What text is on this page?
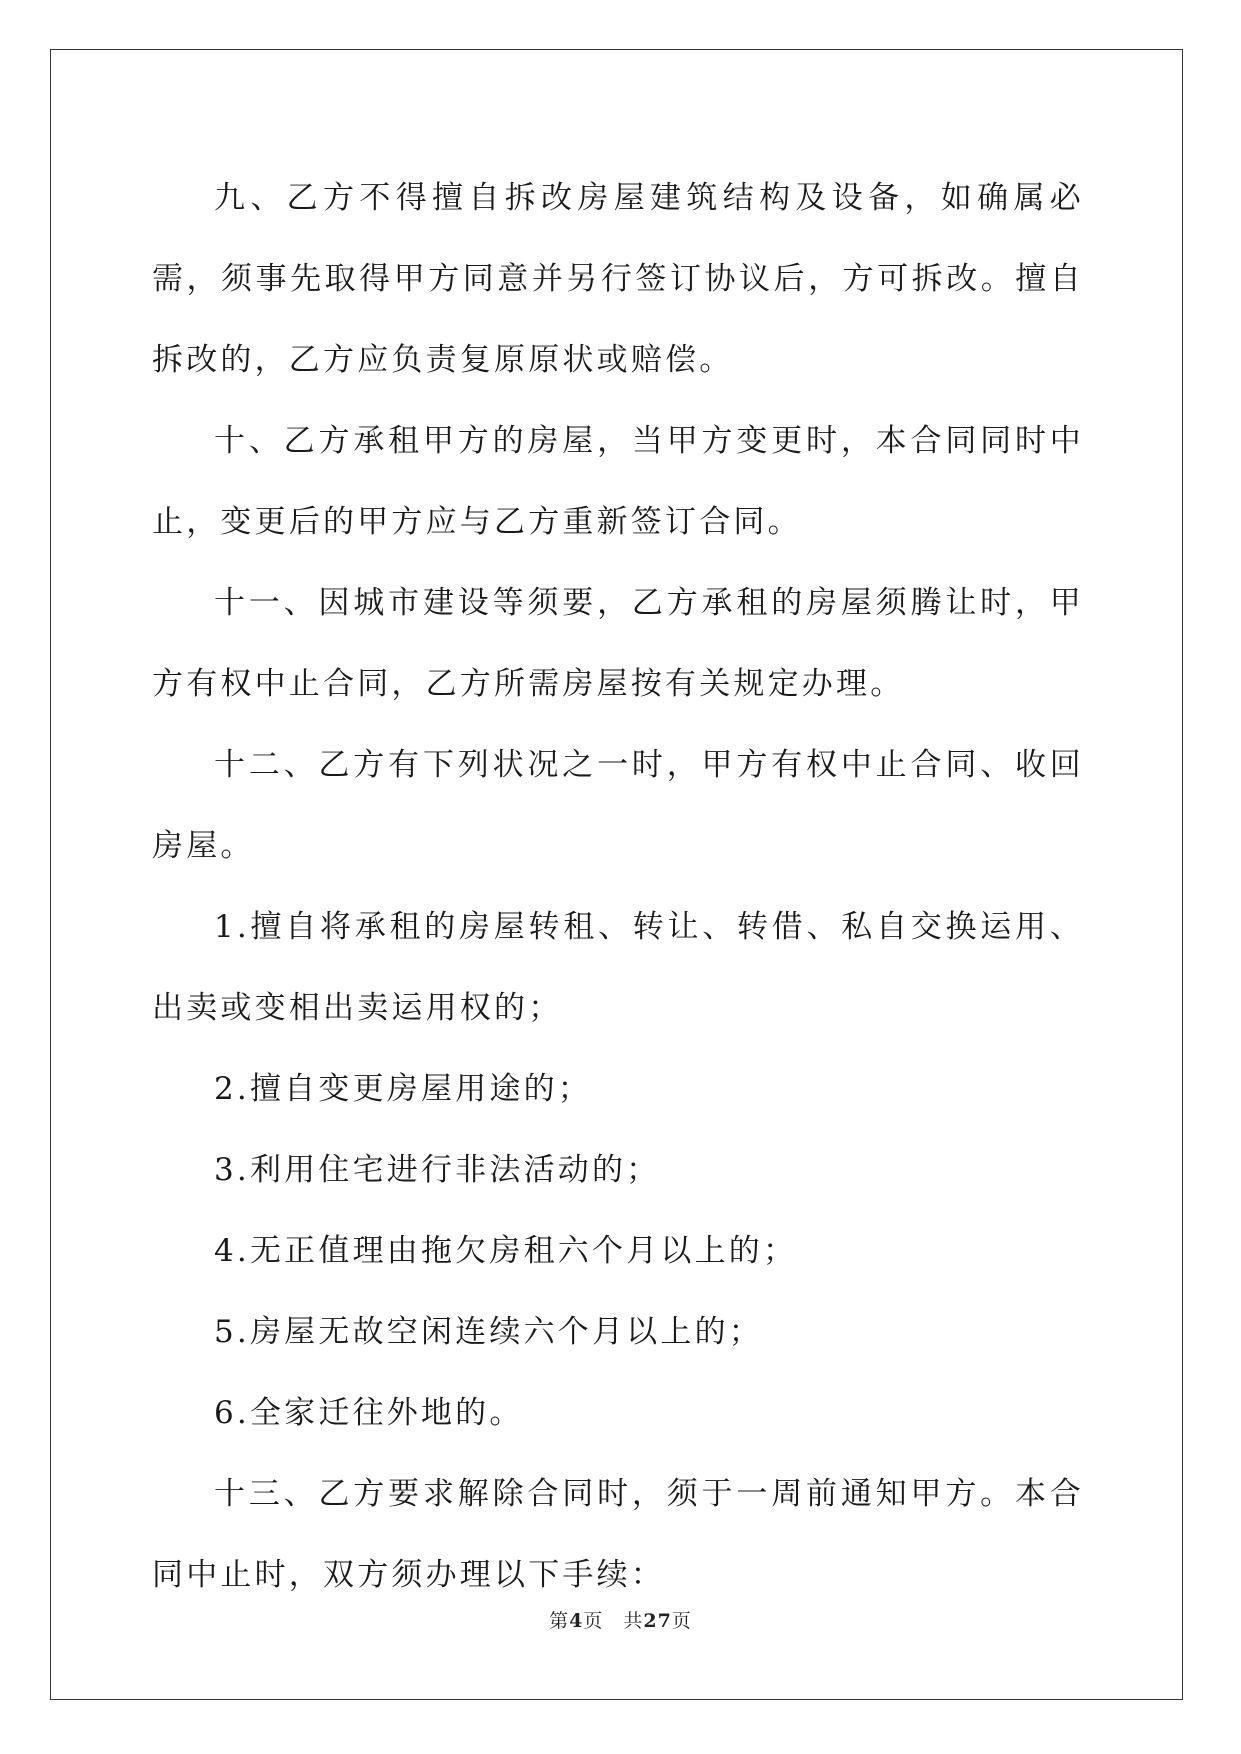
九、乙方不得擅自拆改房屋建筑结构及设备，如确属必需，须事先取得甲方同意并另行签订协议后，方可拆改。擅自拆改的，乙方应负责复原原状或赔偿。

十、乙方承租甲方的房屋，当甲方变更时，本合同同时中止，变更后的甲方应与乙方重新签订合同。

十一、因城市建设等须要，乙方承租的房屋须腾让时，甲方有权中止合同，乙方所需房屋按有关规定办理。

十二、乙方有下列状况之一时，甲方有权中止合同、收回房屋。

1.擅自将承租的房屋转租、转让、转借、私自交换运用、出卖或变相出卖运用权的；

2.擅自变更房屋用途的；

3.利用住宅进行非法活动的；

4.无正值理由拖欠房租六个月以上的；

5.房屋无故空闲连续六个月以上的；

6.全家迁往外地的。

十三、乙方要求解除合同时，须于一周前通知甲方。本合同中止时，双方须办理以下手续：

第4页 共27页
